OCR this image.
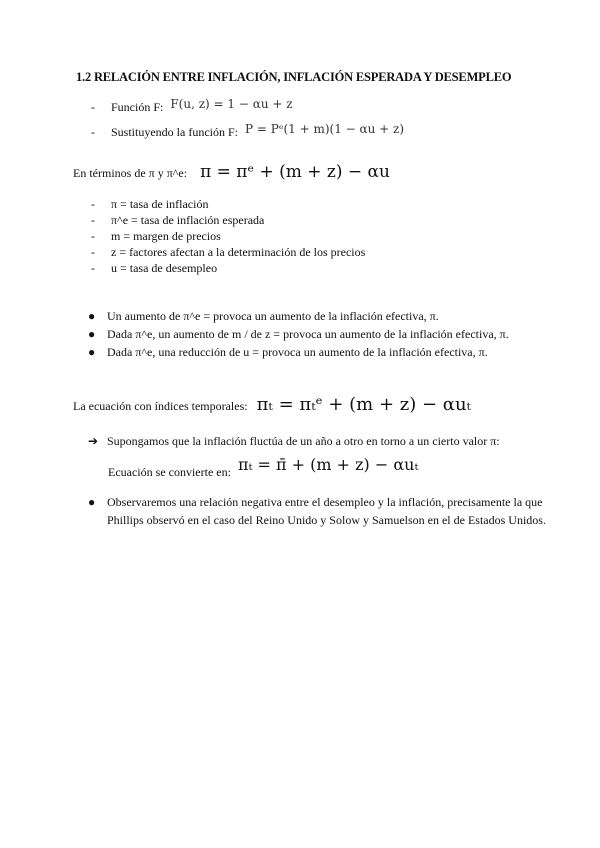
1.2 RELACIÓN ENTRE INFLACIÓN, INFLACIÓN ESPERADA Y DESEMPLEO
- Función F: F(u, z) = 1 − αu + z
- Sustituyendo la función F: P = Pᵉ(1 + m)(1 − αu + z)
En términos de π y π^e: π = πᵉ + (m + z) − αu
- π = tasa de inflación
- π^e = tasa de inflación esperada
- m = margen de precios
- z = factores afectan a la determinación de los precios
- u = tasa de desempleo
● Un aumento de π^e = provoca un aumento de la inflación efectiva, π.
● Dada π^e, un aumento de m / de z = provoca un aumento de la inflación efectiva, π.
● Dada π^e, una reducción de u = provoca un aumento de la inflación efectiva, π.
La ecuación con índices temporales: πₜ = πₜᵉ + (m + z) − αuₜ
➔ Supongamos que la inflación fluctúa de un año a otro en torno a un cierto valor π:
Ecuación se convierte en: πₜ = π̄ + (m + z) − αuₜ
● Observaremos una relación negativa entre el desempleo y la inflación, precisamente la que Phillips observó en el caso del Reino Unido y Solow y Samuelson en el de Estados Unidos.
